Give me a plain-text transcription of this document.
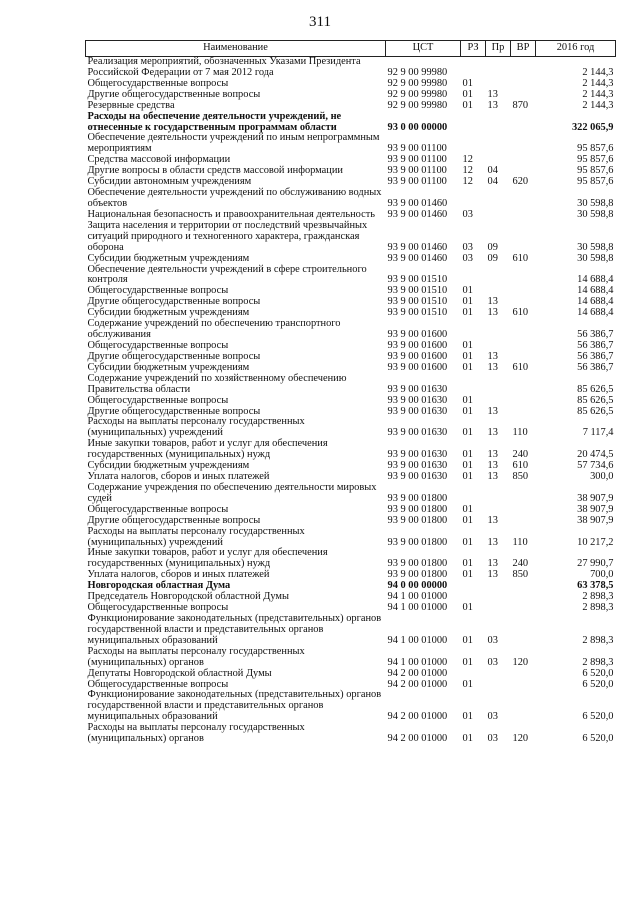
311
Наименование	ЦСТ	РЗ	Пр	ВР	2016 год
Реализация мероприятий, обозначенных Указами Президента Российской Федерации от 7 мая 2012 года	92 9 00 99980				2 144,3
Общегосударственные вопросы	92 9 00 99980	01			2 144,3
Другие общегосударственные вопросы	92 9 00 99980	01	13		2 144,3
Резервные средства	92 9 00 99980	01	13	870	2 144,3
Расходы на обеспечение деятельности учреждений, не отнесенные к государственным программам области	93 0 00 00000				322 065,9
Обеспечение деятельности учреждений по иным непрограммным мероприятиям	93 9 00 01100				95 857,6
Средства массовой информации	93 9 00 01100	12			95 857,6
Другие вопросы в области средств массовой информации	93 9 00 01100	12	04		95 857,6
Субсидии автономным учреждениям	93 9 00 01100	12	04	620	95 857,6
Обеспечение деятельности учреждений по обслуживанию водных объектов	93 9 00 01460				30 598,8
Национальная безопасность и правоохранительная деятельность	93 9 00 01460	03			30 598,8
Защита населения и территории от последствий чрезвычайных ситуаций природного и техногенного характера, гражданская оборона	93 9 00 01460	03	09		30 598,8
Субсидии бюджетным учреждениям	93 9 00 01460	03	09	610	30 598,8
Обеспечение деятельности учреждений в сфере строительного контроля	93 9 00 01510				14 688,4
Общегосударственные вопросы	93 9 00 01510	01			14 688,4
Другие общегосударственные вопросы	93 9 00 01510	01	13		14 688,4
Субсидии бюджетным учреждениям	93 9 00 01510	01	13	610	14 688,4
Содержание учреждений по обеспечению транспортного обслуживания	93 9 00 01600				56 386,7
Общегосударственные вопросы	93 9 00 01600	01			56 386,7
Другие общегосударственные вопросы	93 9 00 01600	01	13		56 386,7
Субсидии бюджетным учреждениям	93 9 00 01600	01	13	610	56 386,7
Содержание учреждений по хозяйственному обеспечению Правительства области	93 9 00 01630				85 626,5
Общегосударственные вопросы	93 9 00 01630	01			85 626,5
Другие общегосударственные вопросы	93 9 00 01630	01	13		85 626,5
Расходы на выплаты персоналу государственных (муниципальных) учреждений	93 9 00 01630	01	13	110	7 117,4
Иные закупки товаров, работ и услуг для обеспечения государственных (муниципальных) нужд	93 9 00 01630	01	13	240	20 474,5
Субсидии бюджетным учреждениям	93 9 00 01630	01	13	610	57 734,6
Уплата налогов, сборов и иных платежей	93 9 00 01630	01	13	850	300,0
Содержание учреждения по обеспечению деятельности мировых судей	93 9 00 01800				38 907,9
Общегосударственные вопросы	93 9 00 01800	01			38 907,9
Другие общегосударственные вопросы	93 9 00 01800	01	13		38 907,9
Расходы на выплаты персоналу государственных (муниципальных) учреждений	93 9 00 01800	01	13	110	10 217,2
Иные закупки товаров, работ и услуг для обеспечения государственных (муниципальных) нужд	93 9 00 01800	01	13	240	27 990,7
Уплата налогов, сборов и иных платежей	93 9 00 01800	01	13	850	700,0
Новгородская областная Дума	94 0 00 00000				63 378,5
Председатель Новгородской областной Думы	94 1 00 01000				2 898,3
Общегосударственные вопросы	94 1 00 01000	01			2 898,3
Функционирование законодательных (представительных) органов государственной власти и представительных органов муниципальных образований	94 1 00 01000	01	03		2 898,3
Расходы на выплаты персоналу государственных (муниципальных) органов	94 1 00 01000	01	03	120	2 898,3
Депутаты Новгородской областной Думы	94 2 00 01000				6 520,0
Общегосударственные вопросы	94 2 00 01000	01			6 520,0
Функционирование законодательных (представительных) органов государственной власти и представительных органов муниципальных образований	94 2 00 01000	01	03		6 520,0
Расходы на выплаты персоналу государственных (муниципальных) органов	94 2 00 01000	01	03	120	6 520,0
